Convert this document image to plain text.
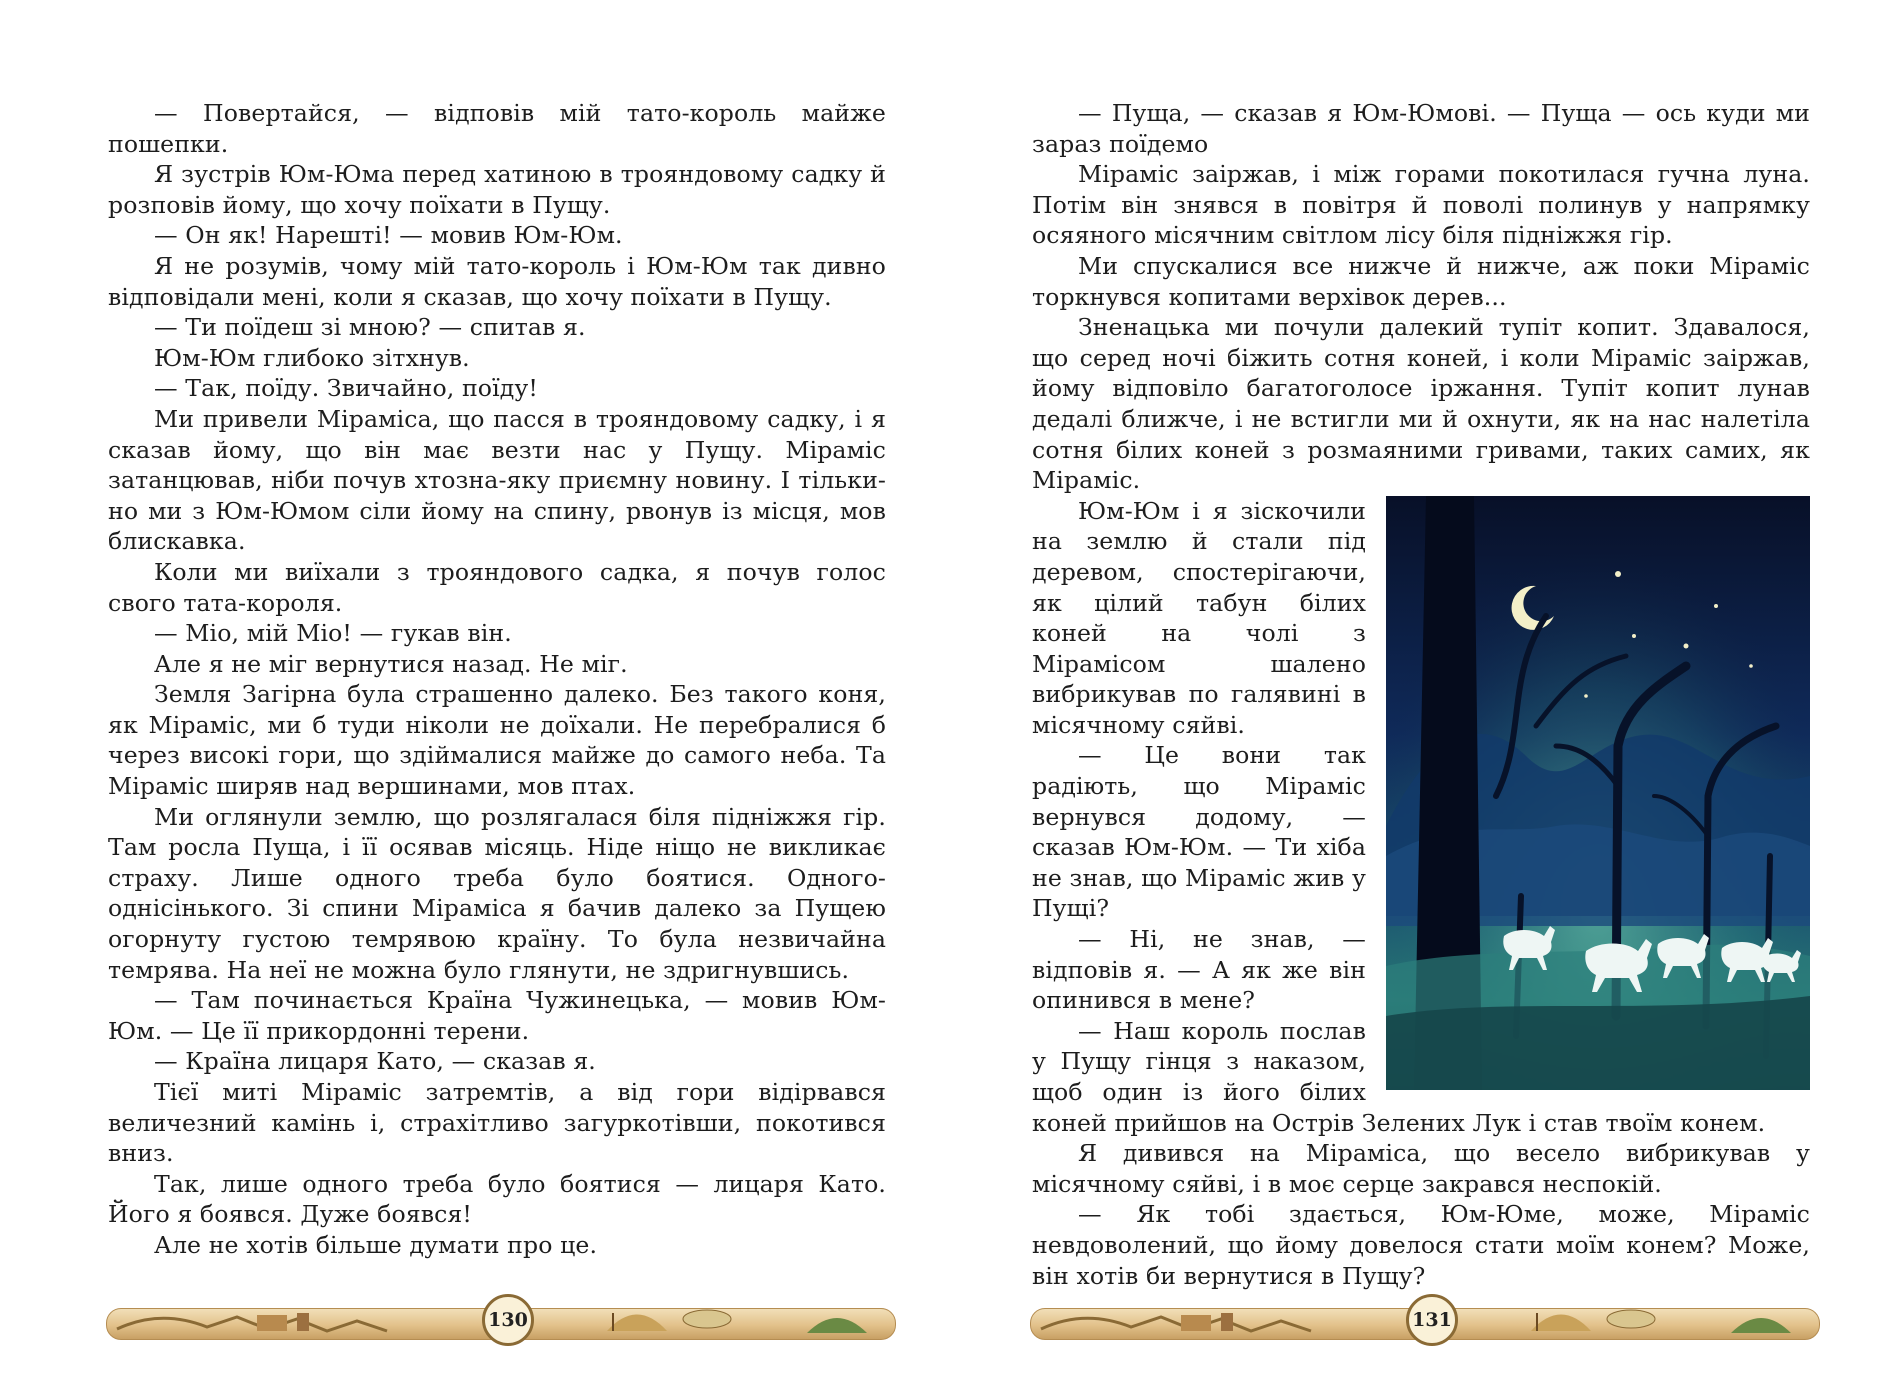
— Повертайся, — відповів мій тато-король майже пошепки.

Я зустрів Юм-Юма перед хатиною в трояндовому садку й розповів йому, що хочу поїхати в Пущу.

— Он як! Нарешті! — мовив Юм-Юм.

Я не розумів, чому мій тато-король і Юм-Юм так дивно відповідали мені, коли я сказав, що хочу поїхати в Пущу.

— Ти поїдеш зі мною? — спитав я.

Юм-Юм глибоко зітхнув.

— Так, поїду. Звичайно, поїду!

Ми привели Міраміса, що пасся в трояндовому садку, і я сказав йому, що він має везти нас у Пущу. Міраміс затанцював, ніби почув хтозна-яку приємну новину. І тільки-но ми з Юм-Юмом сіли йому на спину, рвонув із місця, мов блискавка.

Коли ми виїхали з трояндового садка, я почув голос свого тата-короля.

— Міо, мій Міо! — гукав він.

Але я не міг вернутися назад. Не міг.

Земля Загірна була страшенно далеко. Без такого коня, як Міраміс, ми б туди ніколи не доїхали. Не перебралися б через високі гори, що здіймалися майже до самого неба. Та Міраміс ширяв над вершинами, мов птах.

Ми оглянули землю, що розлягалася біля підніжжя гір. Там росла Пуща, і її осявав місяць. Ніде ніщо не викликає страху. Лише одного треба було боятися. Одного-однісінького. Зі спини Міраміса я бачив далеко за Пущею огорнуту густою темрявою країну. То була незвичайна темрява. На неї не можна було глянути, не здригнувшись.

— Там починається Країна Чужинецька, — мовив Юм-Юм. — Це її прикордонні терени.

— Країна лицаря Като, — сказав я.

Тієї миті Міраміс затремтів, а від гори відірвався величезний камінь і, страхітливо загуркотівши, покотився вниз.

Так, лише одного треба було боятися — лицаря Като. Його я боявся. Дуже боявся!

Але не хотів більше думати про це.

— Пуща, — сказав я Юм-Юмові. — Пуща — ось куди ми зараз поїдемо

Міраміс заіржав, і між горами покотилася гучна луна. Потім він знявся в повітря й поволі полинув у напрямку осяяного місячним світлом лісу біля підніжжя гір.

Ми спускалися все нижче й нижче, аж поки Міраміс торкнувся копитами верхівок дерев...

Зненацька ми почули далекий тупіт копит. Здавалося, що серед ночі біжить сотня коней, і коли Міраміс заіржав, йому відповіло багатоголосе іржання. Тупіт копит лунав дедалі ближче, і не встигли ми й охнути, як на нас налетіла сотня білих коней з розмаяними гривами, таких самих, як Міраміс.

Юм-Юм і я зіскочили на землю й стали під деревом, спостерігаючи, як цілий табун білих коней на чолі з Мірамісом шалено вибрикував по галявині в місячному сяйві.

— Це вони так радіють, що Міраміс вернувся додому, — сказав Юм-Юм. — Ти хіба не знав, що Міраміс жив у Пущі?

— Ні, не знав, — відповів я. — А як же він опинився в мене?

— Наш король послав у Пущу гінця з наказом, щоб один із його білих коней прийшов на Острів Зелених Лук і став твоїм конем.

Я дивився на Міраміса, що весело вибрикував у місячному сяйві, і в моє серце закрався неспокій.

— Як тобі здається, Юм-Юме, може, Міраміс невдоволений, що йому довелося стати моїм конем? Може, він хотів би вернутися в Пущу?

130	131
